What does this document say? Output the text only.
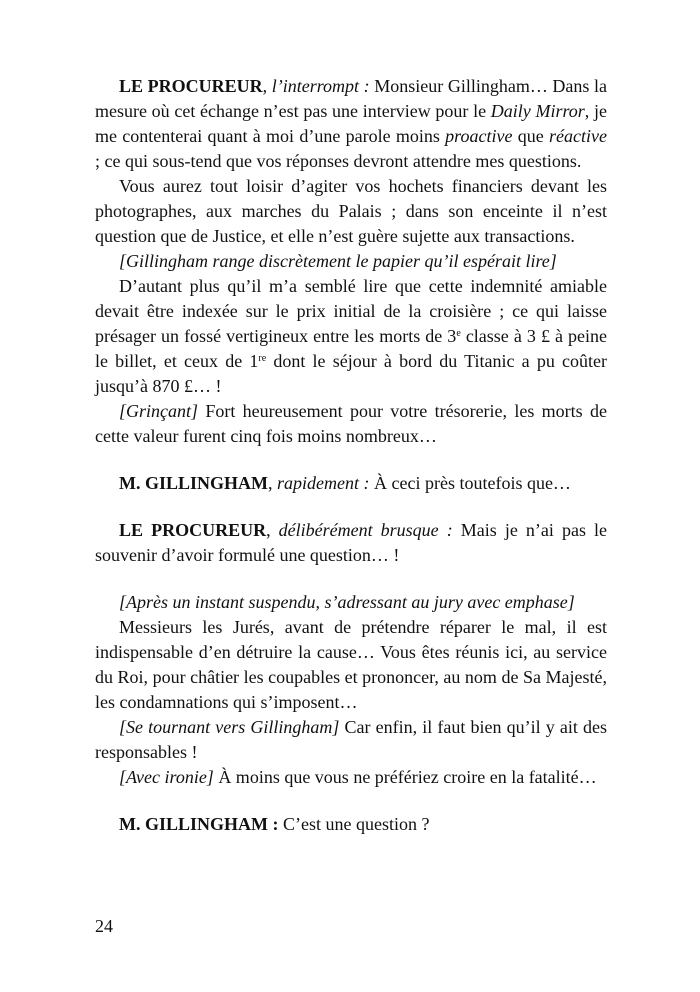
LE PROCUREUR, l’interrompt : Monsieur Gillingham… Dans la mesure où cet échange n’est pas une interview pour le Daily Mirror, je me contenterai quant à moi d’une parole moins proactive que réactive ; ce qui sous-tend que vos réponses devront attendre mes questions.

Vous aurez tout loisir d’agiter vos hochets financiers devant les photographes, aux marches du Palais ; dans son enceinte il n’est question que de Justice, et elle n’est guère sujette aux transactions.

[Gillingham range discrètement le papier qu’il espérait lire]

D’autant plus qu’il m’a semblé lire que cette indemnité amiable devait être indexée sur le prix initial de la croisière ; ce qui laisse présager un fossé vertigineux entre les morts de 3e classe à 3 £ à peine le billet, et ceux de 1re dont le séjour à bord du Titanic a pu coûter jusqu’à 870 £… !

[Grinçant] Fort heureusement pour votre trésorerie, les morts de cette valeur furent cinq fois moins nombreux…

M. GILLINGHAM, rapidement : À ceci près toutefois que…

LE PROCUREUR, délibérément brusque : Mais je n’ai pas le souvenir d’avoir formulé une question… !

[Après un instant suspendu, s’adressant au jury avec emphase]

Messieurs les Jurés, avant de prétendre réparer le mal, il est indispensable d’en détruire la cause… Vous êtes réunis ici, au service du Roi, pour châtier les coupables et prononcer, au nom de Sa Majesté, les condamnations qui s’imposent…

[Se tournant vers Gillingham] Car enfin, il faut bien qu’il y ait des responsables !

[Avec ironie] À moins que vous ne préfériez croire en la fatalité…

M. GILLINGHAM : C’est une question ?

24
